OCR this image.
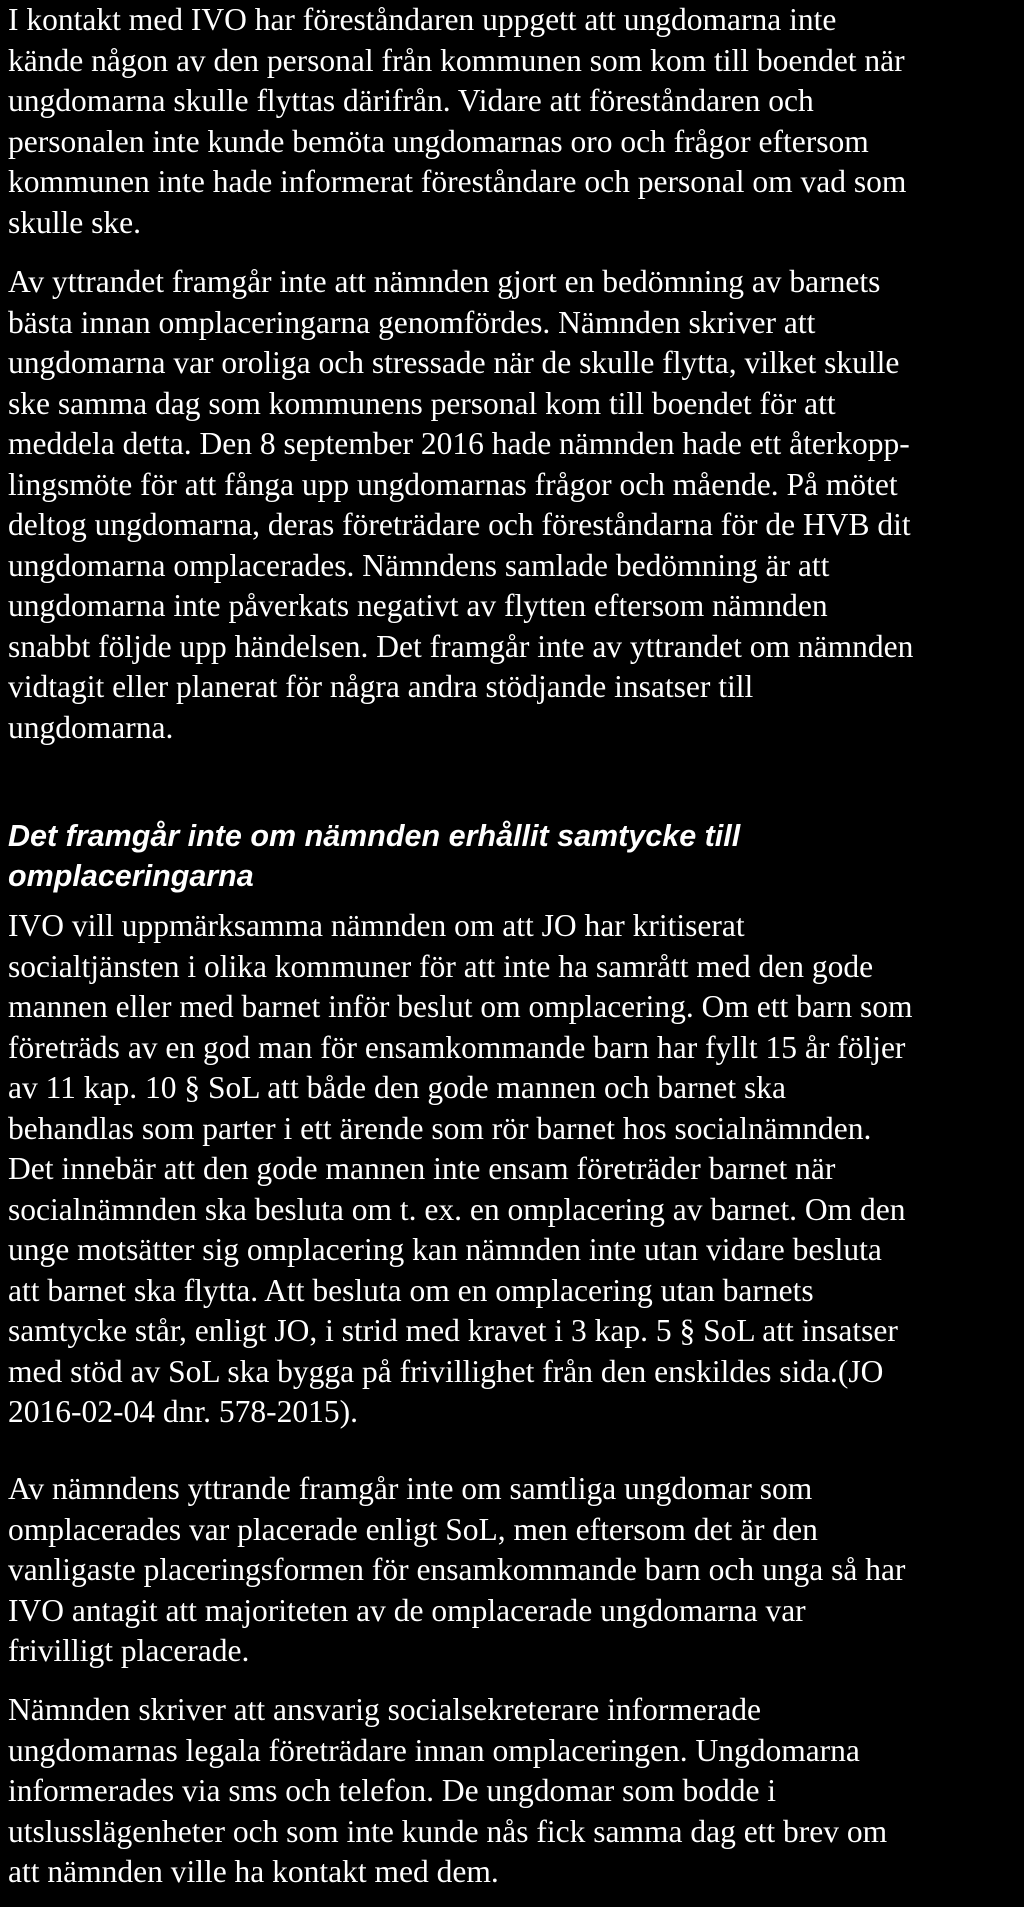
I kontakt med IVO har föreståndaren uppgett att ungdomarna inte
kände någon av den personal från kommunen som kom till boendet när
ungdomarna skulle flyttas därifrån. Vidare att föreståndaren och
personalen inte kunde bemöta ungdomarnas oro och frågor eftersom
kommunen inte hade informerat föreståndare och personal om vad som
skulle ske.

Av yttrandet framgår inte att nämnden gjort en bedömning av barnets
bästa innan omplaceringarna genomfördes. Nämnden skriver att
ungdomarna var oroliga och stressade när de skulle flytta, vilket skulle
ske samma dag som kommunens personal kom till boendet för att
meddela detta. Den 8 september 2016 hade nämnden hade ett återkopp-
lingsmöte för att fånga upp ungdomarnas frågor och mående. På mötet
deltog ungdomarna, deras företrädare och föreståndarna för de HVB dit
ungdomarna omplacerades. Nämndens samlade bedömning är att
ungdomarna inte påverkats negativt av flytten eftersom nämnden
snabbt följde upp händelsen. Det framgår inte av yttrandet om nämnden
vidtagit eller planerat för några andra stödjande insatser till
ungdomarna.

Det framgår inte om nämnden erhållit samtycke till
omplaceringarna

IVO vill uppmärksamma nämnden om att JO har kritiserat
socialtjänsten i olika kommuner för att inte ha samrått med den gode
mannen eller med barnet inför beslut om omplacering. Om ett barn som
företräds av en god man för ensamkommande barn har fyllt 15 år följer
av 11 kap. 10 § SoL att både den gode mannen och barnet ska
behandlas som parter i ett ärende som rör barnet hos socialnämnden.
Det innebär att den gode mannen inte ensam företräder barnet när
socialnämnden ska besluta om t. ex. en omplacering av barnet. Om den
unge motsätter sig omplacering kan nämnden inte utan vidare besluta
att barnet ska flytta. Att besluta om en omplacering utan barnets
samtycke står, enligt JO, i strid med kravet i 3 kap. 5 § SoL att insatser
med stöd av SoL ska bygga på frivillighet från den enskildes sida.(JO
2016-02-04 dnr. 578-2015).

Av nämndens yttrande framgår inte om samtliga ungdomar som
omplacerades var placerade enligt SoL, men eftersom det är den
vanligaste placeringsformen för ensamkommande barn och unga så har
IVO antagit att majoriteten av de omplacerade ungdomarna var
frivilligt placerade.

Nämnden skriver att ansvarig socialsekreterare informerade
ungdomarnas legala företrädare innan omplaceringen. Ungdomarna
informerades via sms och telefon. De ungdomar som bodde i
utslusslägenheter och som inte kunde nås fick samma dag ett brev om
att nämnden ville ha kontakt med dem.
